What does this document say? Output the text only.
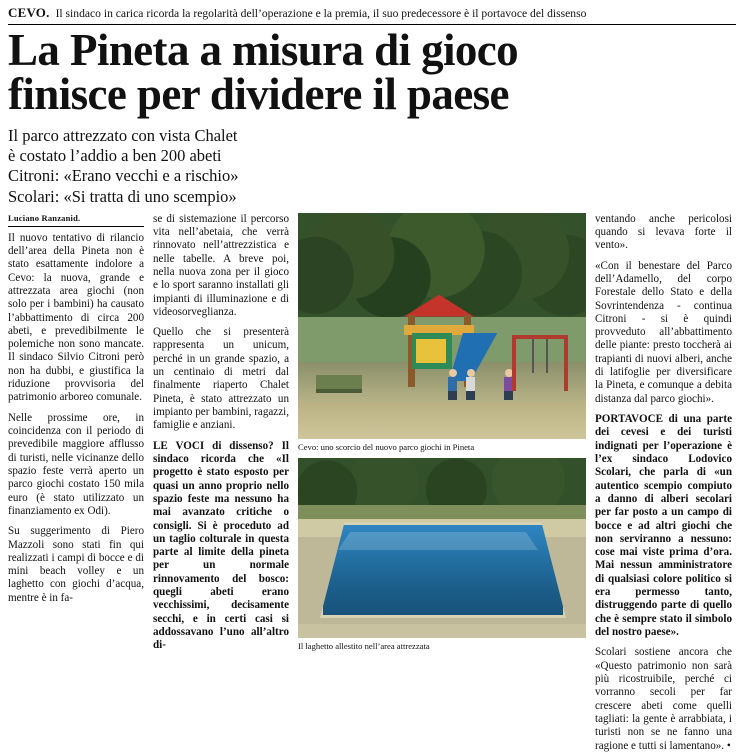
CEVO. Il sindaco in carica ricorda la regolarità dell’operazione e la premia, il suo predecessore è il portavoce del dissenso
La Pineta a misura di gioco
finisce per dividere il paese
Il parco attrezzato con vista Chalet
è costato l’addio a ben 200 abeti
Citroni: «Erano vecchi e a rischio»
Scolari: «Si tratta di uno scempio»
Luciano Ranzanid.

Il nuovo tentativo di rilancio dell’area della Pineta non è stato esattamente indolore a Cevo: la nuova, grande e attrezzata area giochi (non solo per i bambini) ha causato l’abbattimento di circa 200 abeti, e prevedibilmente le polemiche non sono mancate. Il sindaco Silvio Citroni però non ha dubbi, e giustifica la riduzione provvisoria del patrimonio arboreo comunale.

Nelle prossime ore, in coincidenza con il periodo di prevedibile maggiore afflusso di turisti, nelle vicinanze dello spazio feste verrà aperto un parco giochi costato 150 mila euro (è stato utilizzato un finanziamento ex Odi).

Su suggerimento di Piero Mazzoli sono stati fin qui realizzati i campi di bocce e di mini beach volley e un laghetto con giochi d’acqua, mentre è in fa-

se di sistemazione il percorso vita nell’abetaia, che verrà rinnovato nell’attrezzistica e nelle tabelle. A breve poi, nella nuova zona per il gioco e lo sport saranno installati gli impianti di illuminazione e di videosorveglianza.

Quello che si presenterà rappresenta un unicum, perché in un grande spazio, a un centinaio di metri dal finalmente riaperto Chalet Pineta, è stato attrezzato un impianto per bambini, ragazzi, famiglie e anziani.

LE VOCI di dissenso? Il sindaco ricorda che «Il progetto è stato esposto per quasi un anno proprio nello spazio feste ma nessuno ha mai avanzato critiche o consigli. Si è proceduto ad un taglio colturale in questa parte al limite della pineta per un normale rinnovamento del bosco: quegli abeti erano vecchissimi, decisamente secchi, e in certi casi si addossavano l’uno all’altro di-

Cevo: uno scorcio del nuovo parco giochi in Pineta
Il laghetto allestito nell’area attrezzata

ventando anche pericolosi quando si levava forte il vento».

«Con il benestare del Parco dell’Adamello, del corpo Forestale dello Stato e della Sovrintendenza - continua Citroni - si è quindi provveduto all’abbattimento delle piante: presto toccherà ai trapianti di nuovi alberi, anche di latifoglie per diversificare la Pineta, e comunque a debita distanza dal parco giochi».

PORTAVOCE di una parte dei cevesi e dei turisti indignati per l’operazione è l’ex sindaco Lodovico Scolari, che parla di «un autentico scempio compiuto a danno di alberi secolari per far posto a un campo di bocce e ad altri giochi che non serviranno a nessuno: cose mai viste prima d’ora. Mai nessun amministratore di qualsiasi colore politico si era permesso tanto, distruggendo parte di quello che è sempre stato il simbolo del nostro paese».

Scolari sostiene ancora che «Questo patrimonio non sarà più ricostruibile, perché ci vorranno secoli per far crescere abeti come quelli tagliati: la gente è arrabbiata, i turisti non se ne fanno una ragione e tutti si lamentano». •
